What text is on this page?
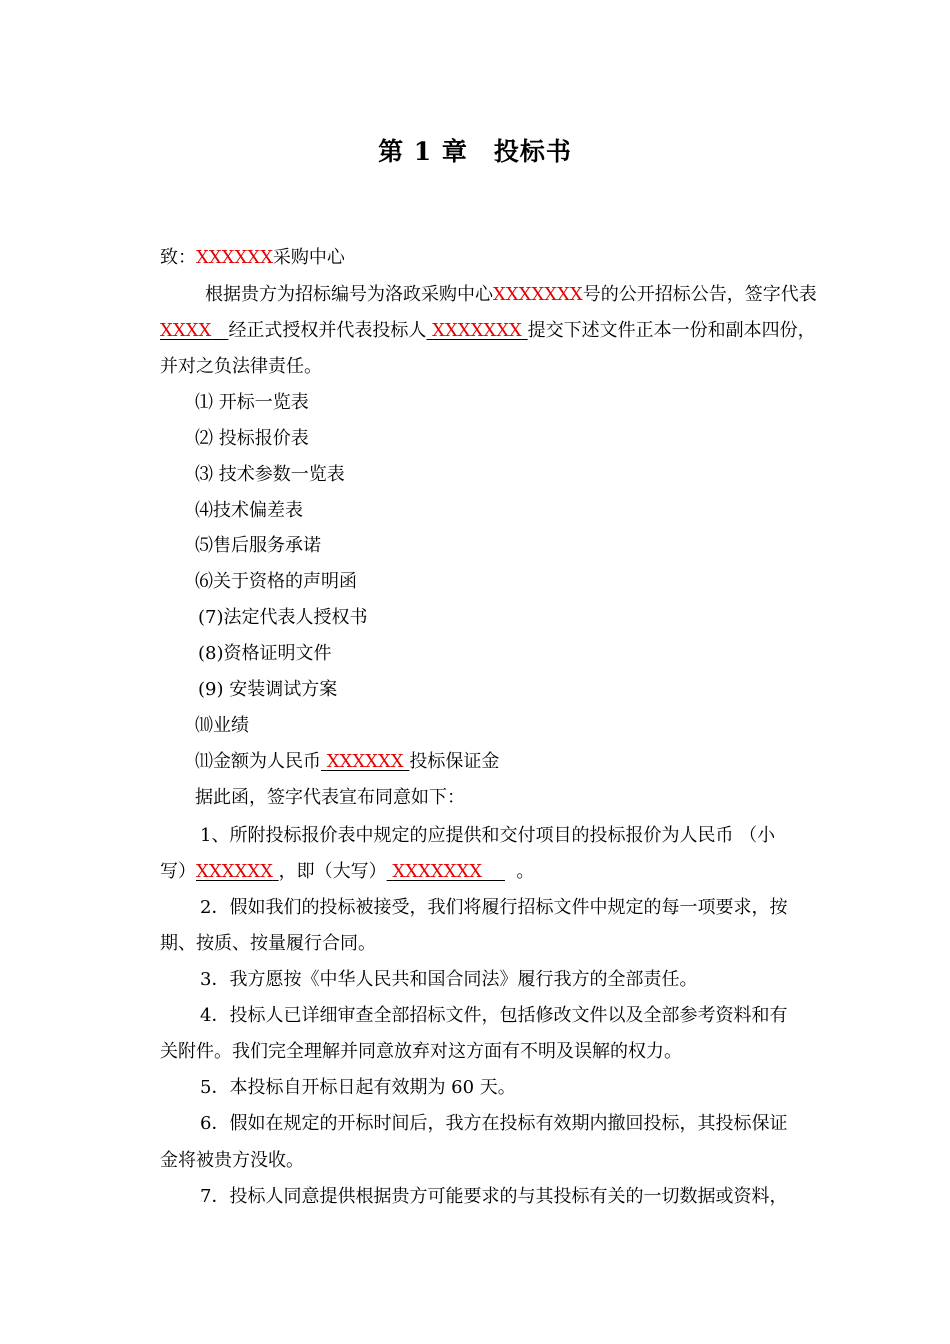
第 1 章　投标书
致：XXXXXX采购中心
根据贵方为招标编号为洛政采购中心XXXXXXX号的公开招标公告，签字代表
XXXX 经正式授权并代表投标人 XXXXXXX 提交下述文件正本一份和副本四份，
并对之负法律责任。
⑴ 开标一览表
⑵ 投标报价表
⑶ 技术参数一览表
⑷技术偏差表
⑸售后服务承诺
⑹关于资格的声明函
(7)法定代表人授权书
(8)资格证明文件
(9) 安装调试方案
⑽业绩
⑾金额为人民币 XXXXXX 投标保证金
据此函，签字代表宣布同意如下：
1、所附投标报价表中规定的应提供和交付项目的投标报价为人民币 （小
写）XXXXXX ，即（大写） XXXXXXX 。
2．假如我们的投标被接受，我们将履行招标文件中规定的每一项要求，按
期、按质、按量履行合同。
3．我方愿按《中华人民共和国合同法》履行我方的全部责任。
4．投标人已详细审查全部招标文件，包括修改文件以及全部参考资料和有
关附件。我们完全理解并同意放弃对这方面有不明及误解的权力。
5．本投标自开标日起有效期为 60 天。
6．假如在规定的开标时间后，我方在投标有效期内撤回投标，其投标保证
金将被贵方没收。
7．投标人同意提供根据贵方可能要求的与其投标有关的一切数据或资料，
